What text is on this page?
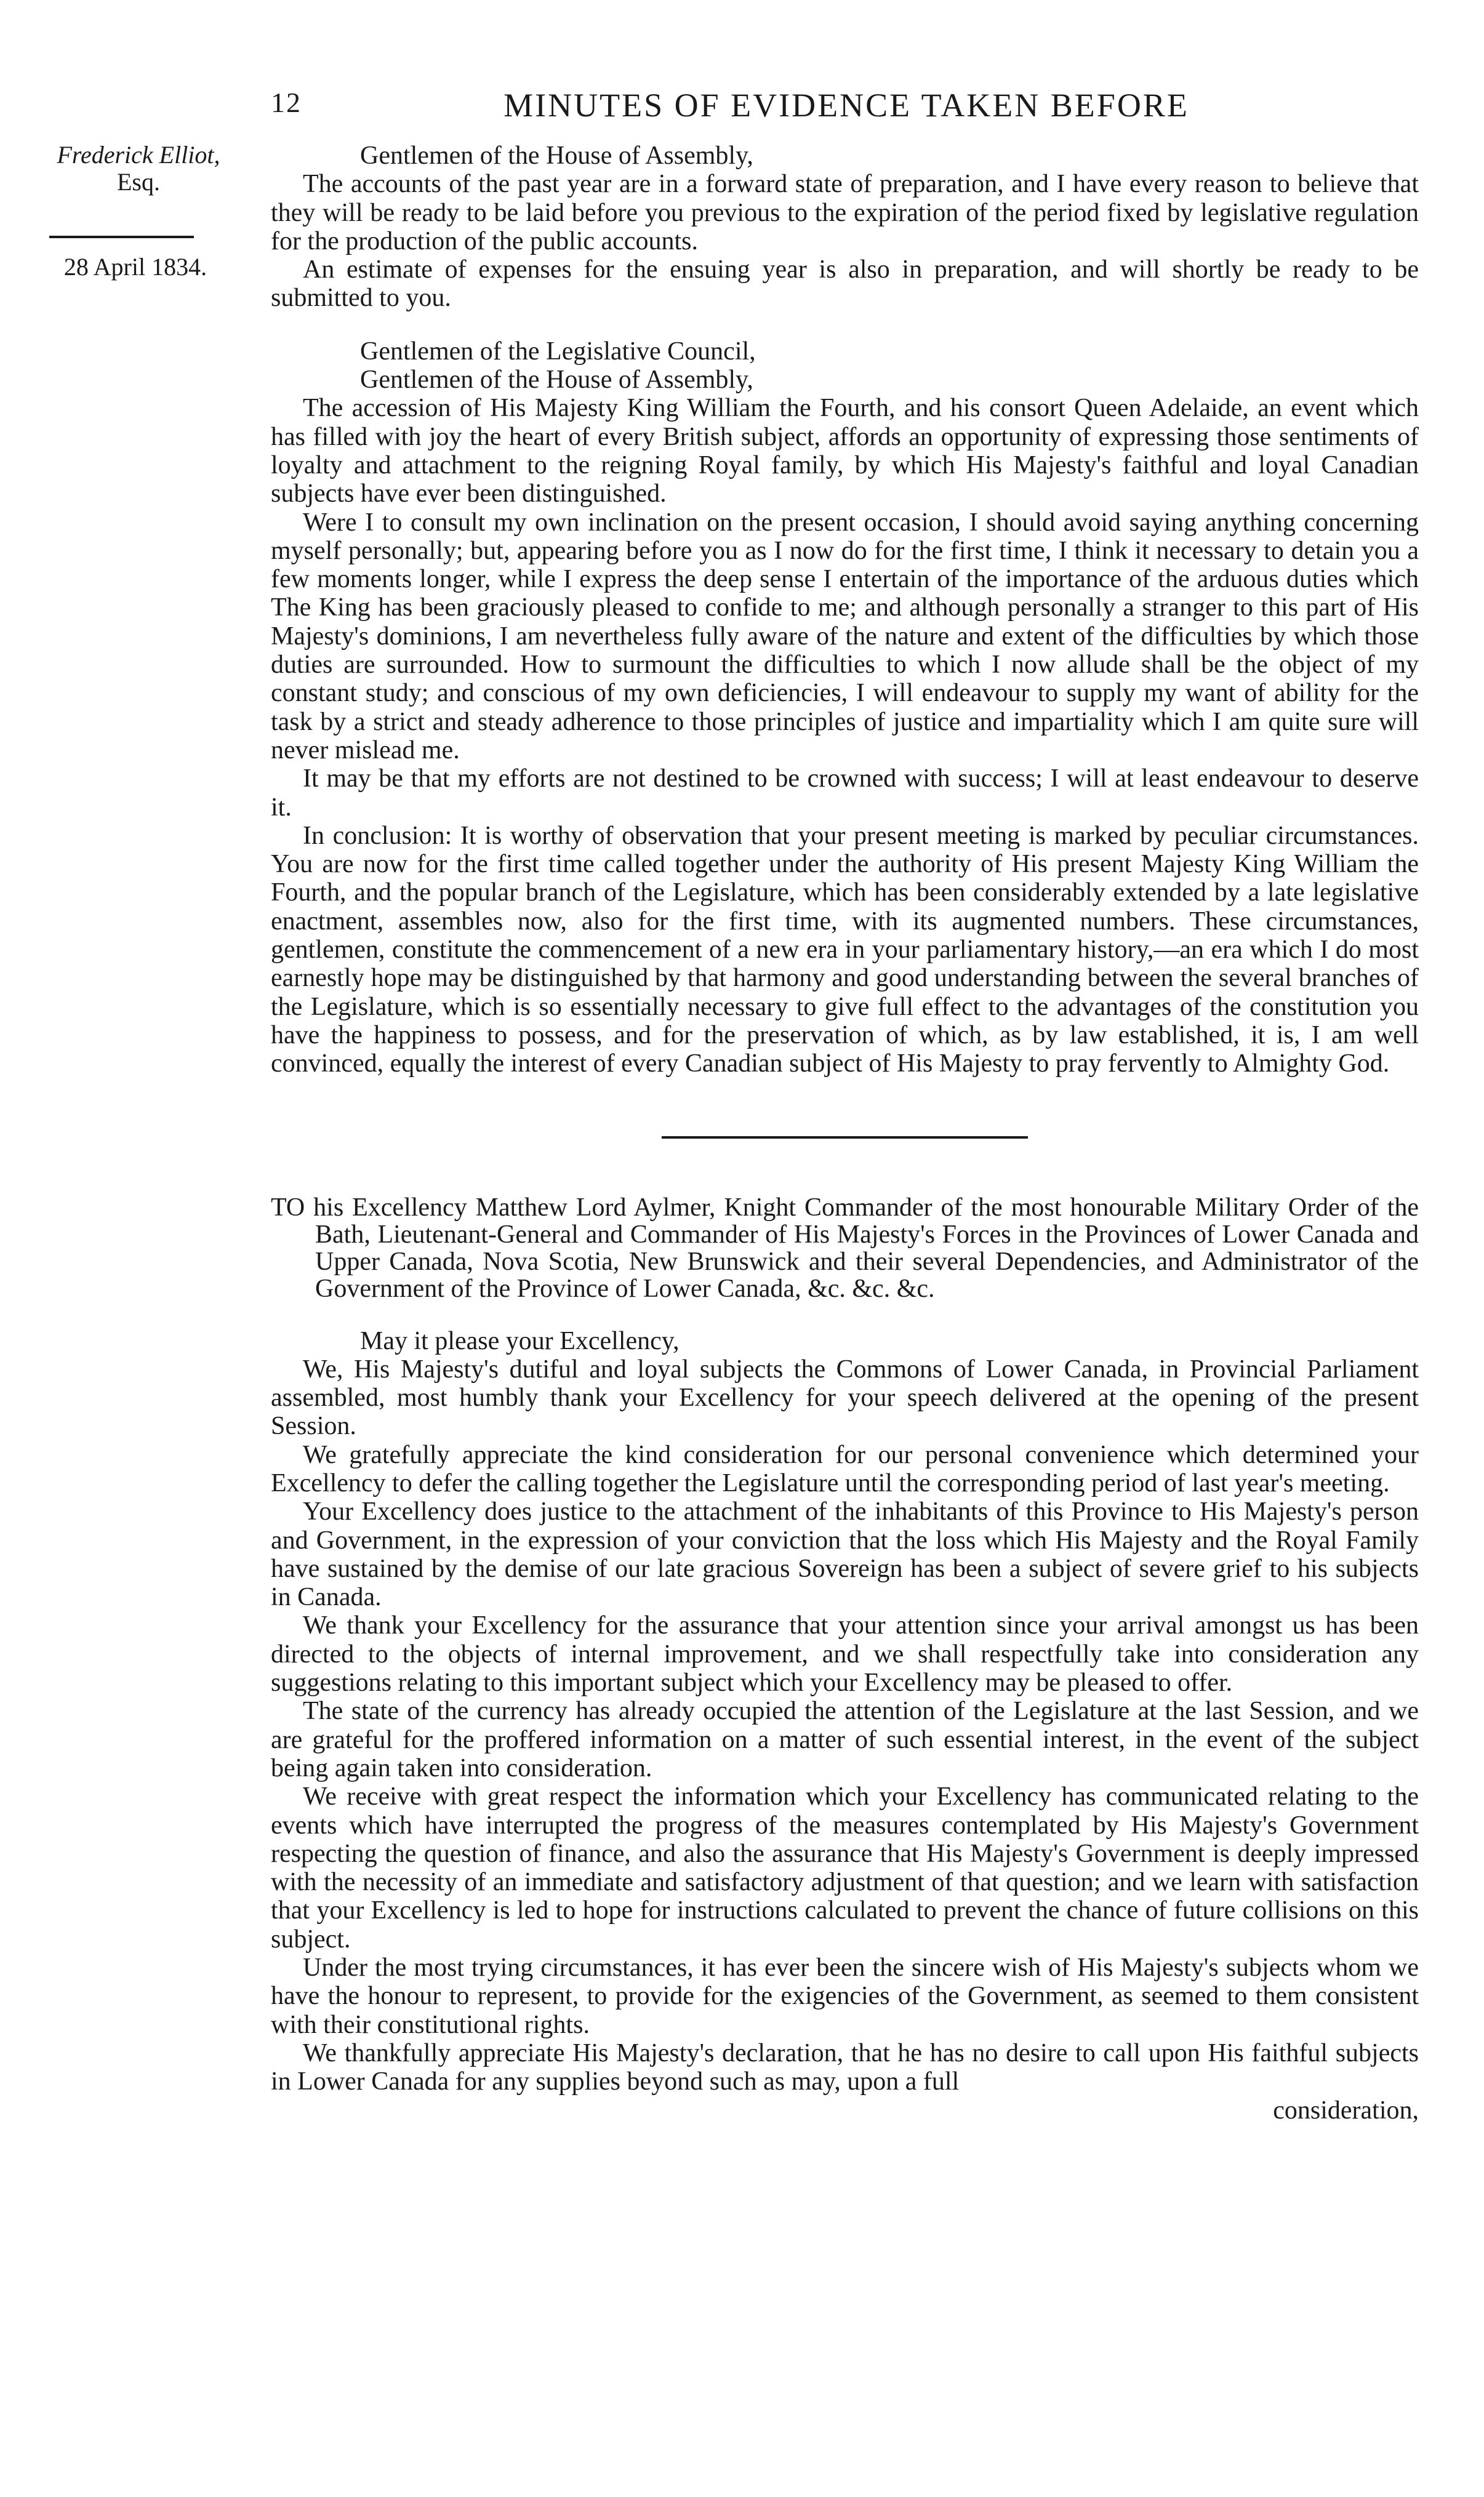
12	MINUTES OF EVIDENCE TAKEN BEFORE
Frederick Elliot,
Esq.
28 April 1834.

Gentlemen of the House of Assembly,

The accounts of the past year are in a forward state of preparation, and I have every reason to believe that they will be ready to be laid before you previous to the expiration of the period fixed by legislative regulation for the production of the public accounts.

An estimate of expenses for the ensuing year is also in preparation, and will shortly be ready to be submitted to you.

Gentlemen of the Legislative Council,

Gentlemen of the House of Assembly,

The accession of His Majesty King William the Fourth, and his consort Queen Adelaide, an event which has filled with joy the heart of every British subject, affords an opportunity of expressing those sentiments of loyalty and attachment to the reigning Royal family, by which His Majesty's faithful and loyal Canadian subjects have ever been distinguished.

Were I to consult my own inclination on the present occasion, I should avoid saying anything concerning myself personally; but, appearing before you as I now do for the first time, I think it necessary to detain you a few moments longer, while I express the deep sense I entertain of the importance of the arduous duties which The King has been graciously pleased to confide to me; and although personally a stranger to this part of His Majesty's dominions, I am nevertheless fully aware of the nature and extent of the difficulties by which those duties are surrounded. How to surmount the difficulties to which I now allude shall be the object of my constant study; and conscious of my own deficiencies, I will endeavour to supply my want of ability for the task by a strict and steady adherence to those principles of justice and impartiality which I am quite sure will never mislead me.

It may be that my efforts are not destined to be crowned with success; I will at least endeavour to deserve it.

In conclusion: It is worthy of observation that your present meeting is marked by peculiar circumstances. You are now for the first time called together under the authority of His present Majesty King William the Fourth, and the popular branch of the Legislature, which has been considerably extended by a late legislative enactment, assembles now, also for the first time, with its augmented numbers. These circumstances, gentlemen, constitute the commencement of a new era in your parliamentary history,—an era which I do most earnestly hope may be distinguished by that harmony and good understanding between the several branches of the Legislature, which is so essentially necessary to give full effect to the advantages of the constitution you have the happiness to possess, and for the preservation of which, as by law established, it is, I am well convinced, equally the interest of every Canadian subject of His Majesty to pray fervently to Almighty God.

TO his Excellency Matthew Lord Aylmer, Knight Commander of the most honourable Military Order of the Bath, Lieutenant-General and Commander of His Majesty's Forces in the Provinces of Lower Canada and Upper Canada, Nova Scotia, New Brunswick and their several Dependencies, and Administrator of the Government of the Province of Lower Canada, &c. &c. &c.

May it please your Excellency,

We, His Majesty's dutiful and loyal subjects the Commons of Lower Canada, in Provincial Parliament assembled, most humbly thank your Excellency for your speech delivered at the opening of the present Session.

We gratefully appreciate the kind consideration for our personal convenience which determined your Excellency to defer the calling together the Legislature until the corresponding period of last year's meeting.

Your Excellency does justice to the attachment of the inhabitants of this Province to His Majesty's person and Government, in the expression of your conviction that the loss which His Majesty and the Royal Family have sustained by the demise of our late gracious Sovereign has been a subject of severe grief to his subjects in Canada.

We thank your Excellency for the assurance that your attention since your arrival amongst us has been directed to the objects of internal improvement, and we shall respectfully take into consideration any suggestions relating to this important subject which your Excellency may be pleased to offer.

The state of the currency has already occupied the attention of the Legislature at the last Session, and we are grateful for the proffered information on a matter of such essential interest, in the event of the subject being again taken into consideration.

We receive with great respect the information which your Excellency has communicated relating to the events which have interrupted the progress of the measures contemplated by His Majesty's Government respecting the question of finance, and also the assurance that His Majesty's Government is deeply impressed with the necessity of an immediate and satisfactory adjustment of that question; and we learn with satisfaction that your Excellency is led to hope for instructions calculated to prevent the chance of future collisions on this subject.

Under the most trying circumstances, it has ever been the sincere wish of His Majesty's subjects whom we have the honour to represent, to provide for the exigencies of the Government, as seemed to them consistent with their constitutional rights.

We thankfully appreciate His Majesty's declaration, that he has no desire to call upon His faithful subjects in Lower Canada for any supplies beyond such as may, upon a full

consideration,
